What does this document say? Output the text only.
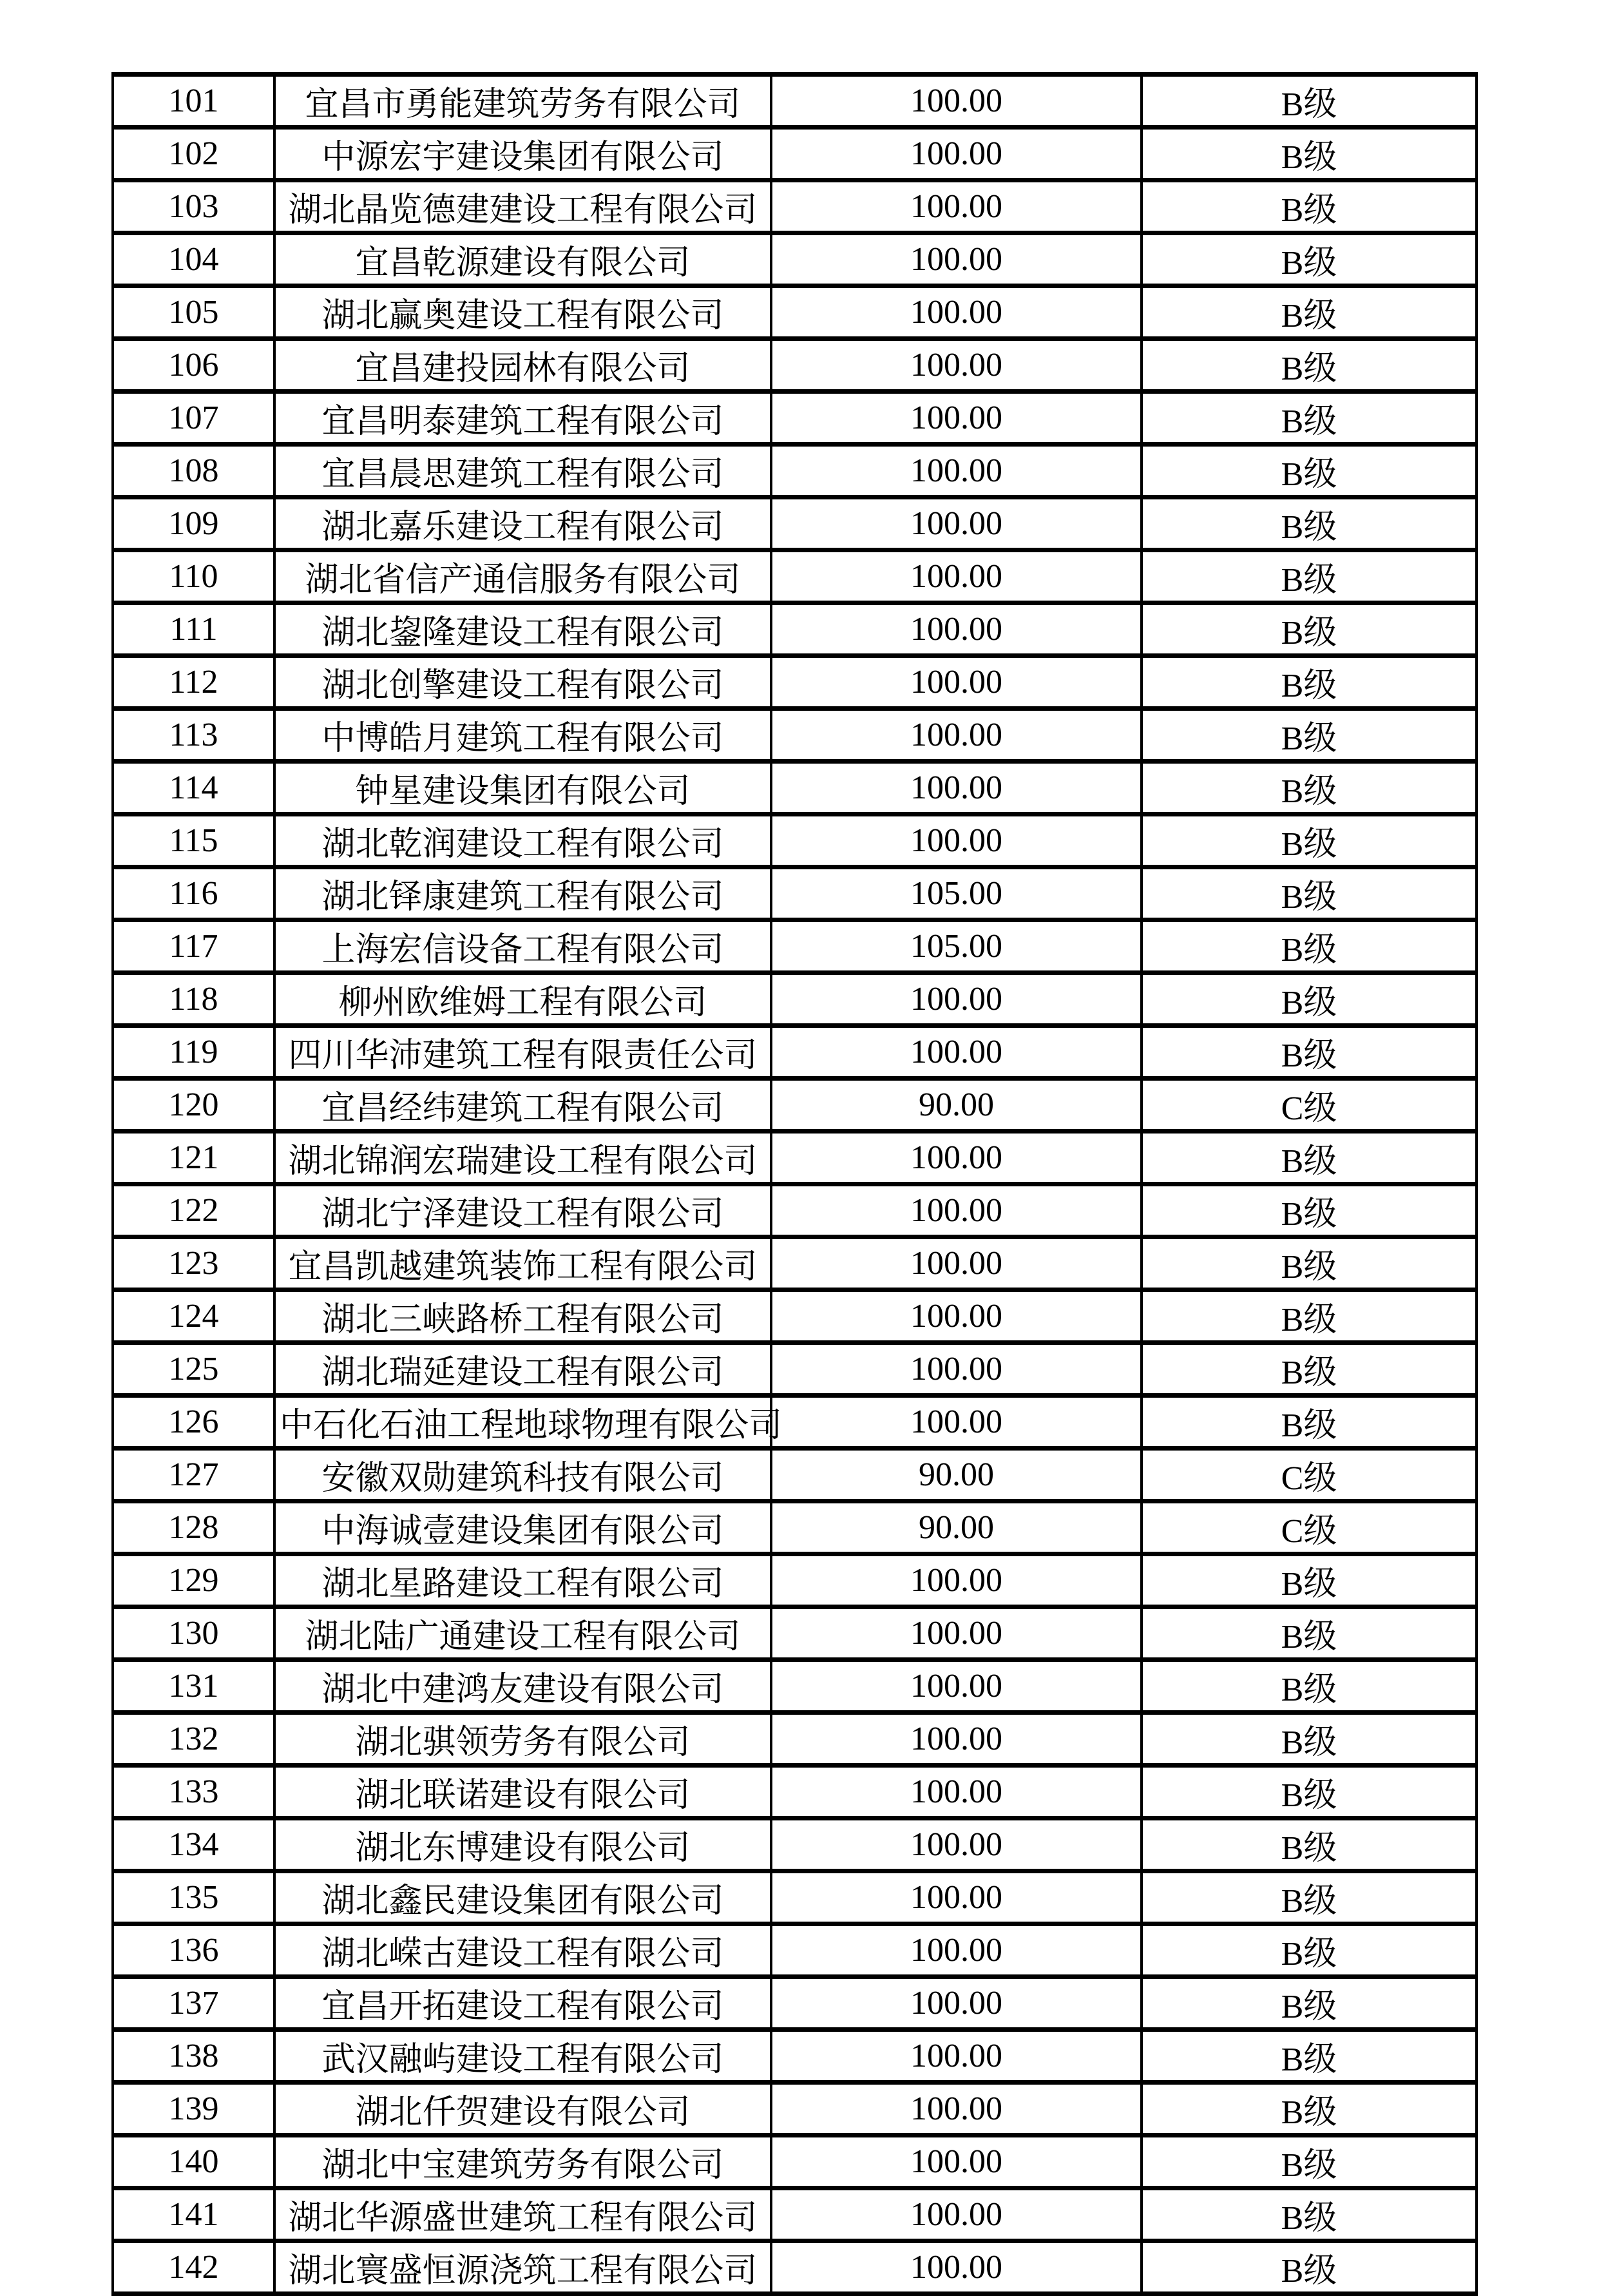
101	宜昌市勇能建筑劳务有限公司	100.00	B级
102	中源宏宇建设集团有限公司	100.00	B级
103	湖北晶览德建建设工程有限公司	100.00	B级
104	宜昌乾源建设有限公司	100.00	B级
105	湖北赢奥建设工程有限公司	100.00	B级
106	宜昌建投园林有限公司	100.00	B级
107	宜昌明泰建筑工程有限公司	100.00	B级
108	宜昌晨思建筑工程有限公司	100.00	B级
109	湖北嘉乐建设工程有限公司	100.00	B级
110	湖北省信产通信服务有限公司	100.00	B级
111	湖北鋆隆建设工程有限公司	100.00	B级
112	湖北创擎建设工程有限公司	100.00	B级
113	中博皓月建筑工程有限公司	100.00	B级
114	钟星建设集团有限公司	100.00	B级
115	湖北乾润建设工程有限公司	100.00	B级
116	湖北铎康建筑工程有限公司	105.00	B级
117	上海宏信设备工程有限公司	105.00	B级
118	柳州欧维姆工程有限公司	100.00	B级
119	四川华沛建筑工程有限责任公司	100.00	B级
120	宜昌经纬建筑工程有限公司	90.00	C级
121	湖北锦润宏瑞建设工程有限公司	100.00	B级
122	湖北宁泽建设工程有限公司	100.00	B级
123	宜昌凯越建筑装饰工程有限公司	100.00	B级
124	湖北三峡路桥工程有限公司	100.00	B级
125	湖北瑞延建设工程有限公司	100.00	B级
126	中石化石油工程地球物理有限公司	100.00	B级
127	安徽双勋建筑科技有限公司	90.00	C级
128	中海诚壹建设集团有限公司	90.00	C级
129	湖北星路建设工程有限公司	100.00	B级
130	湖北陆广通建设工程有限公司	100.00	B级
131	湖北中建鸿友建设有限公司	100.00	B级
132	湖北骐领劳务有限公司	100.00	B级
133	湖北联诺建设有限公司	100.00	B级
134	湖北东博建设有限公司	100.00	B级
135	湖北鑫民建设集团有限公司	100.00	B级
136	湖北嵘古建设工程有限公司	100.00	B级
137	宜昌开拓建设工程有限公司	100.00	B级
138	武汉融屿建设工程有限公司	100.00	B级
139	湖北仟贺建设有限公司	100.00	B级
140	湖北中宝建筑劳务有限公司	100.00	B级
141	湖北华源盛世建筑工程有限公司	100.00	B级
142	湖北寰盛恒源浇筑工程有限公司	100.00	B级
